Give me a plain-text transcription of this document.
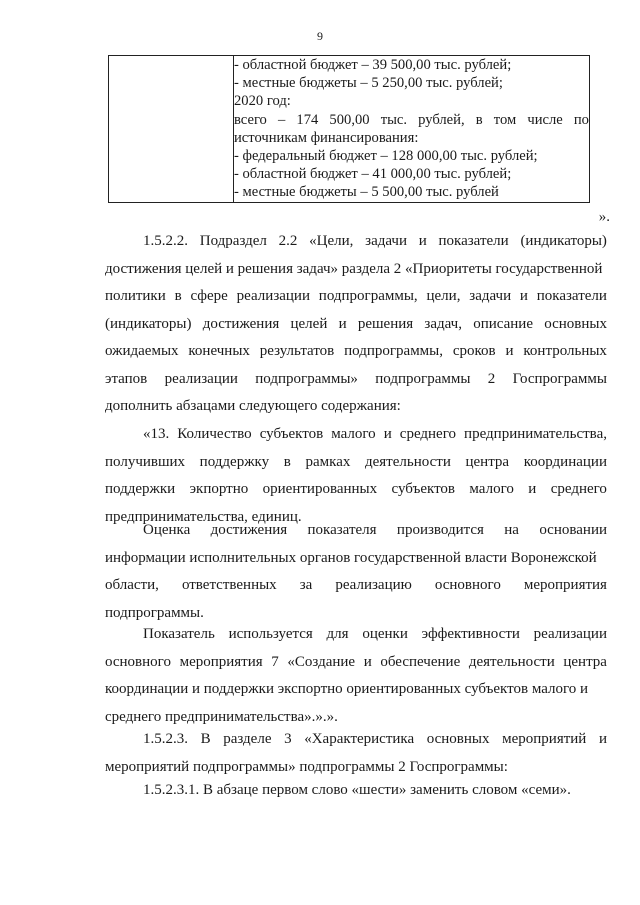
9

- областной бюджет – 39 500,00 тыс. рублей;
- местные бюджеты – 5 250,00 тыс. рублей;
2020 год:
всего – 174 500,00 тыс. рублей, в том числе по
источникам финансирования:
- федеральный бюджет – 128 000,00 тыс. рублей;
- областной бюджет – 41 000,00 тыс. рублей;
- местные бюджеты – 5 500,00 тыс. рублей
».
1.5.2.2. Подраздел 2.2 «Цели, задачи и показатели (индикаторы)
достижения целей и решения задач» раздела 2 «Приоритеты государственной
политики в сфере реализации подпрограммы, цели, задачи и показатели
(индикаторы) достижения целей и решения задач, описание основных
ожидаемых конечных результатов подпрограммы, сроков и контрольных
этапов реализации подпрограммы» подпрограммы 2 Госпрограммы
дополнить абзацами следующего содержания:
«13. Количество субъектов малого и среднего предпринимательства,
получивших поддержку в рамках деятельности центра координации
поддержки экпортно ориентированных субъектов малого и среднего
предпринимательства, единиц.
Оценка достижения показателя производится на основании
информации исполнительных органов государственной власти Воронежской
области, ответственных за реализацию основного мероприятия
подпрограммы.
Показатель используется для оценки эффективности реализации
основного мероприятия 7 «Создание и обеспечение деятельности центра
координации и поддержки экспортно ориентированных субъектов малого и
среднего предпринимательства».».».
1.5.2.3. В разделе 3 «Характеристика основных мероприятий и
мероприятий подпрограммы» подпрограммы 2 Госпрограммы:
1.5.2.3.1. В абзаце первом слово «шести» заменить словом «семи».
